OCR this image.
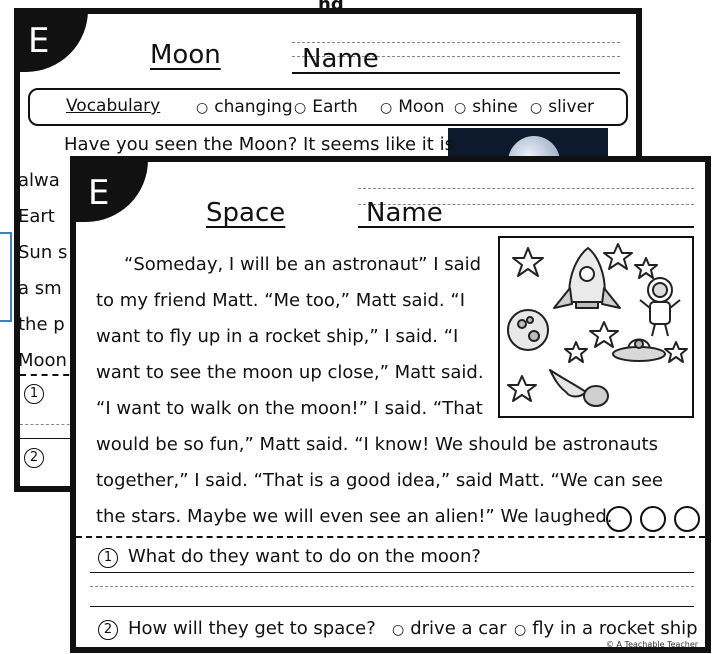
E	Moon	Name
Vocabulary	○ changing	○ Earth	○ Moon	○ shine	○ sliver
Have you seen the Moon? It seems like it is
alwa
Eart
Sun s
a sm
the p
Moon
1
2
E	Space	Name
“Someday, I will be an astronaut” I said
to my friend Matt. “Me too,” Matt said. “I
want to fly up in a rocket ship,” I said. “I
want to see the moon up close,” Matt said.
“I want to walk on the moon!” I said. “That
would be so fun,” Matt said. “I know! We should be astronauts
together,” I said. “That is a good idea,” said Matt. “We can see
the stars. Maybe we will even see an alien!” We laughed.

1 What do they want to do on the moon?
2 How will they get to space?	○ drive a car	○ fly in a rocket ship
© A Teachable Teacher
